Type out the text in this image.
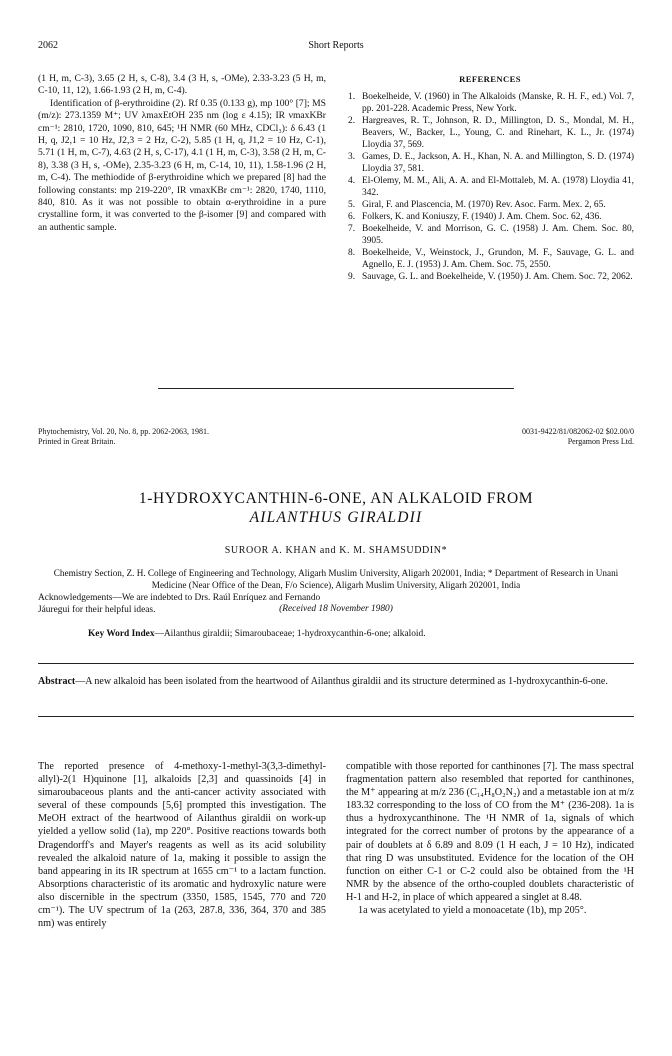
2062	Short Reports

(1 H, m, C-3), 3.65 (2 H, s, C-8), 3.4 (3 H, s, -OMe), 2.33-3.23 (5 H, m, C-10, 11, 12), 1.66-1.93 (2 H, m, C-4).

Identification of β-erythroidine (2). Rf 0.35 (0.133 g), mp 100° [7]; MS (m/z): 273.1359 M⁺; UV λmaxEtOH 235 nm (log ε 4.15); IR νmaxKBr cm⁻¹: 2810, 1720, 1090, 810, 645; ¹H NMR (60 MHz, CDCl₃): δ 6.43 (1 H, q, J2,1 = 10 Hz, J2,3 = 2 Hz, C-2), 5.85 (1 H, q, J1,2 = 10 Hz, C-1), 5.71 (1 H, m, C-7), 4.63 (2 H, s, C-17), 4.1 (1 H, m, C-3), 3.58 (2 H, m, C-8), 3.38 (3 H, s, -OMe), 2.35-3.23 (6 H, m, C-14, 10, 11), 1.58-1.96 (2 H, m, C-4). The methiodide of β-erythroidine which we prepared [8] had the following constants: mp 219-220°, IR νmaxKBr cm⁻¹: 2820, 1740, 1110, 840, 810. As it was not possible to obtain α-erythroidine in a pure crystalline form, it was converted to the β-isomer [9] and compared with an authentic sample.

Acknowledgements—We are indebted to Drs. Raúl Enríquez and Fernando Jáuregui for their helpful ideas.
REFERENCES
1. Boekelheide, V. (1960) in The Alkaloids (Manske, R. H. F., ed.) Vol. 7, pp. 201-228. Academic Press, New York.
2. Hargreaves, R. T., Johnson, R. D., Millington, D. S., Mondal, M. H., Beavers, W., Backer, L., Young, C. and Rinehart, K. L., Jr. (1974) Lloydia 37, 569.
3. Games, D. E., Jackson, A. H., Khan, N. A. and Millington, S. D. (1974) Lloydia 37, 581.
4. El-Olemy, M. M., Ali, A. A. and El-Mottaleb, M. A. (1978) Lloydia 41, 342.
5. Giral, F. and Plascencia, M. (1970) Rev. Asoc. Farm. Mex. 2, 65.
6. Folkers, K. and Koniuszy, F. (1940) J. Am. Chem. Soc. 62, 436.
7. Boekelheide, V. and Morrison, G. C. (1958) J. Am. Chem. Soc. 80, 3905.
8. Boekelheide, V., Weinstock, J., Grundon, M. F., Sauvage, G. L. and Agnello, E. J. (1953) J. Am. Chem. Soc. 75, 2550.
9. Sauvage, G. L. and Boekelheide, V. (1950) J. Am. Chem. Soc. 72, 2062.
Phytochemistry, Vol. 20, No. 8, pp. 2062-2063, 1981.
Printed in Great Britain.
0031-9422/81/082062-02 $02.00/0
Pergamon Press Ltd.
1-HYDROXYCANTHIN-6-ONE, AN ALKALOID FROM
AILANTHUS GIRALDII
SUROOR A. KHAN and K. M. SHAMSUDDIN*
Chemistry Section, Z. H. College of Engineering and Technology, Aligarh Muslim University, Aligarh 202001, India; * Department of Research in Unani Medicine (Near Office of the Dean, F/o Science), Aligarh Muslim University, Aligarh 202001, India
(Received 18 November 1980)
Key Word Index—Ailanthus giraldii; Simaroubaceae; 1-hydroxycanthin-6-one; alkaloid.
Abstract—A new alkaloid has been isolated from the heartwood of Ailanthus giraldii and its structure determined as 1-hydroxycanthin-6-one.

The reported presence of 4-methoxy-1-methyl-3(3,3-dimethyl-allyl)-2(1 H)quinone [1], alkaloids [2,3] and quassinoids [4] in simaroubaceous plants and the anti-cancer activity associated with several of these compounds [5,6] prompted this investigation. The MeOH extract of the heartwood of Ailanthus giraldii on work-up yielded a yellow solid (1a), mp 220°. Positive reactions towards both Dragendorff's and Mayer's reagents as well as its acid solubility revealed the alkaloid nature of 1a, making it possible to assign the band appearing in its IR spectrum at 1655 cm⁻¹ to a lactam function. Absorptions characteristic of its aromatic and hydroxylic nature were also discernible in the spectrum (3350, 1585, 1545, 770 and 720 cm⁻¹). The UV spectrum of 1a (263, 287.8, 336, 364, 370 and 385 nm) was entirely

compatible with those reported for canthinones [7]. The mass spectral fragmentation pattern also resembled that reported for canthinones, the M⁺ appearing at m/z 236 (C₁₄H₈O₂N₂) and a metastable ion at m/z 183.32 corresponding to the loss of CO from the M⁺ (236-208). 1a is thus a hydroxycanthinone. The ¹H NMR of 1a, signals of which integrated for the correct number of protons by the appearance of a pair of doublets at δ 6.89 and 8.09 (1 H each, J = 10 Hz), indicated that ring D was unsubstituted. Evidence for the location of the OH function on either C-1 or C-2 could also be obtained from the ¹H NMR by the absence of the ortho-coupled doublets characteristic of H-1 and H-2, in place of which appeared a singlet at 8.48.

1a was acetylated to yield a monoacetate (1b), mp 205°.
